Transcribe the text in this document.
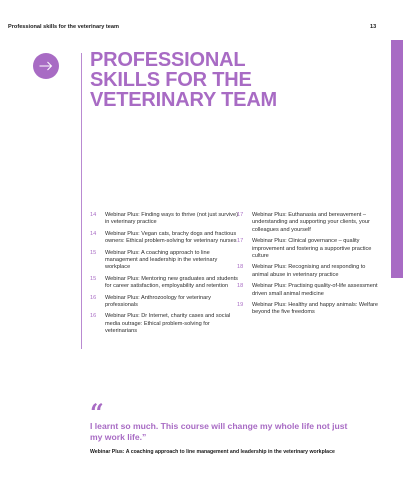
Professional skills for the veterinary team	13
PROFESSIONAL
SKILLS FOR THE
VETERINARY TEAM
14	Webinar Plus: Finding ways to thrive (not just survive) in veterinary practice
14	Webinar Plus: Vegan cats, brachy dogs and fractious owners: Ethical problem-solving for veterinary nurses
15	Webinar Plus: A coaching approach to line management and leadership in the veterinary workplace
15	Webinar Plus: Mentoring new graduates and students for career satisfaction, employability and retention
16	Webinar Plus: Anthrozoology for veterinary professionals
16	Webinar Plus: Dr Internet, charity cases and social media outrage: Ethical problem-solving for veterinarians
17	Webinar Plus: Euthanasia and bereavement – understanding and supporting your clients, your colleagues and yourself
17	Webinar Plus: Clinical governance – quality improvement and fostering a supportive practice culture
18	Webinar Plus: Recognising and responding to animal abuse in veterinary practice
18	Webinar Plus: Practising quality-of-life assessment driven small animal medicine
19	Webinar Plus: Healthy and happy animals: Welfare beyond the five freedoms
“
I learnt so much. This course will change my whole life not just my work life.”
Webinar Plus: A coaching approach to line management and leadership in the veterinary workplace
